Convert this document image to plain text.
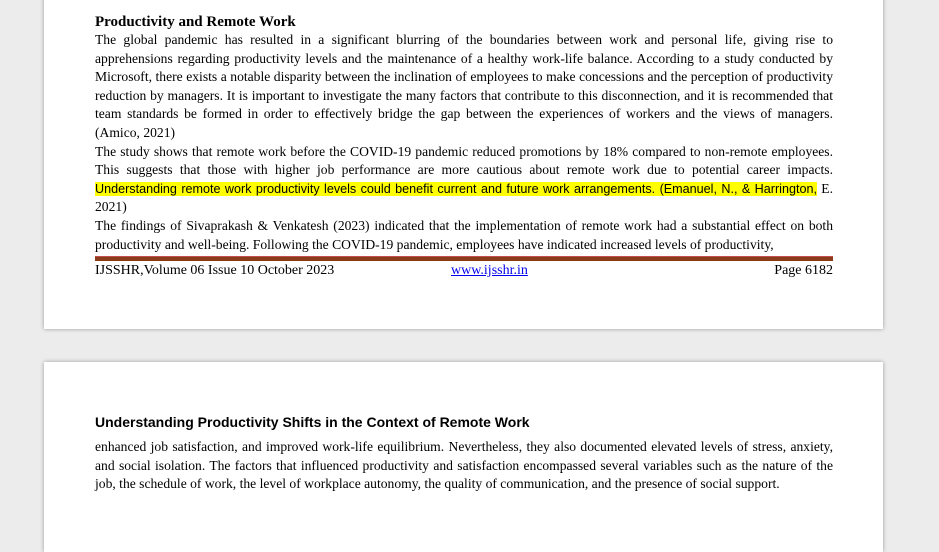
Productivity and Remote Work

The global pandemic has resulted in a significant blurring of the boundaries between work and personal life, giving rise to apprehensions regarding productivity levels and the maintenance of a healthy work-life balance. According to a study conducted by Microsoft, there exists a notable disparity between the inclination of employees to make concessions and the perception of productivity reduction by managers. It is important to investigate the many factors that contribute to this disconnection, and it is recommended that team standards be formed in order to effectively bridge the gap between the experiences of workers and the views of managers. (Amico, 2021)

The study shows that remote work before the COVID-19 pandemic reduced promotions by 18% compared to non-remote employees. This suggests that those with higher job performance are more cautious about remote work due to potential career impacts. Understanding remote work productivity levels could benefit current and future work arrangements. (Emanuel, N., & Harrington, E. 2021)

The findings of Sivaprakash & Venkatesh (2023) indicated that the implementation of remote work had a substantial effect on both productivity and well-being. Following the COVID-19 pandemic, employees have indicated increased levels of productivity,

IJSSHR,Volume 06 Issue 10 October 2023	www.ijsshr.in	Page 6182

Understanding Productivity Shifts in the Context of Remote Work

enhanced job satisfaction, and improved work-life equilibrium. Nevertheless, they also documented elevated levels of stress, anxiety, and social isolation. The factors that influenced productivity and satisfaction encompassed several variables such as the nature of the job, the schedule of work, the level of workplace autonomy, the quality of communication, and the presence of social support.
